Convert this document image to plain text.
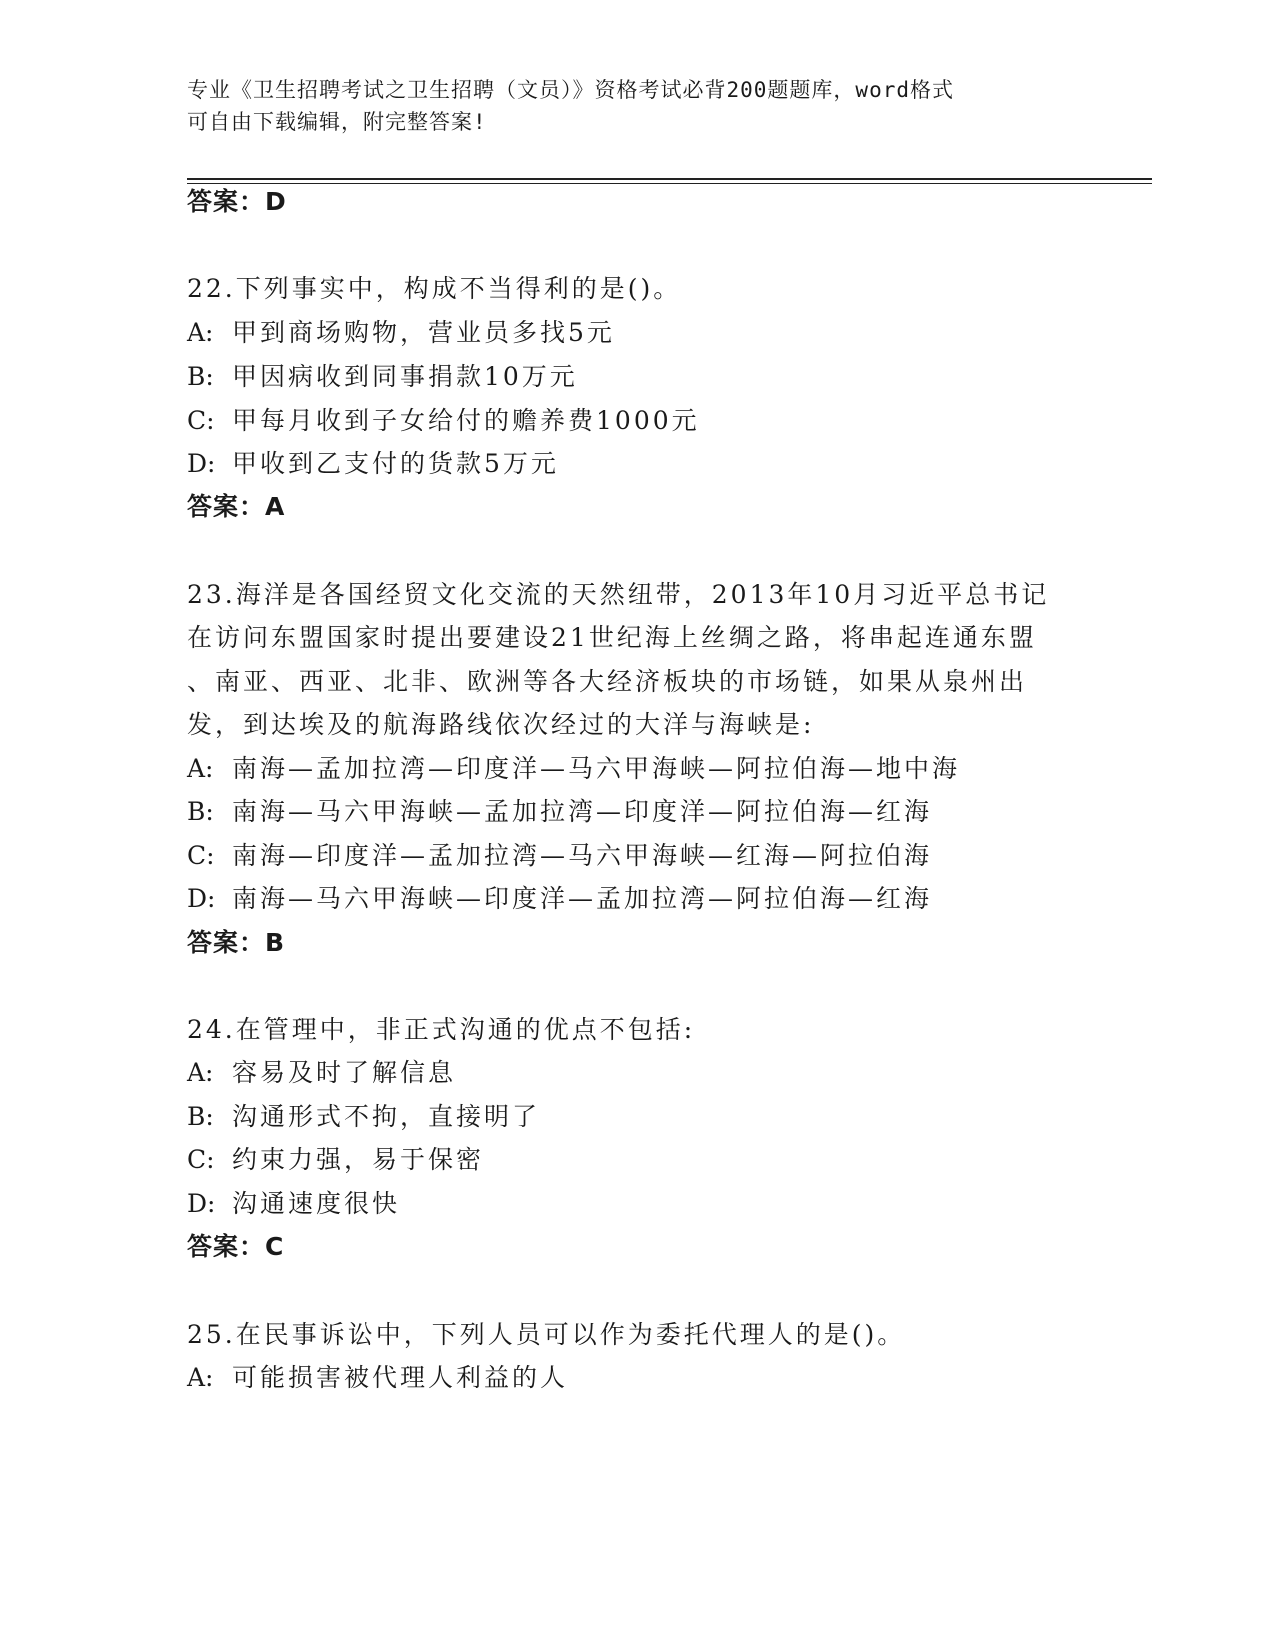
专业《卫生招聘考试之卫生招聘（文员）》资格考试必背200题题库，word格式
可自由下载编辑，附完整答案!
答案：D
22.下列事实中，构成不当得利的是()。
A: 甲到商场购物，营业员多找5元
B: 甲因病收到同事捐款10万元
C: 甲每月收到子女给付的赡养费1000元
D: 甲收到乙支付的货款5万元
答案：A
23.海洋是各国经贸文化交流的天然纽带，2013年10月习近平总书记
在访问东盟国家时提出要建设21世纪海上丝绸之路，将串起连通东盟
、南亚、西亚、北非、欧洲等各大经济板块的市场链，如果从泉州出
发，到达埃及的航海路线依次经过的大洋与海峡是:
A: 南海—孟加拉湾—印度洋—马六甲海峡—阿拉伯海—地中海
B: 南海—马六甲海峡—孟加拉湾—印度洋—阿拉伯海—红海
C: 南海—印度洋—孟加拉湾—马六甲海峡—红海—阿拉伯海
D: 南海—马六甲海峡—印度洋—孟加拉湾—阿拉伯海—红海
答案：B
24.在管理中，非正式沟通的优点不包括:
A: 容易及时了解信息
B: 沟通形式不拘，直接明了
C: 约束力强，易于保密
D: 沟通速度很快
答案：C
25.在民事诉讼中，下列人员可以作为委托代理人的是()。
A: 可能损害被代理人利益的人
